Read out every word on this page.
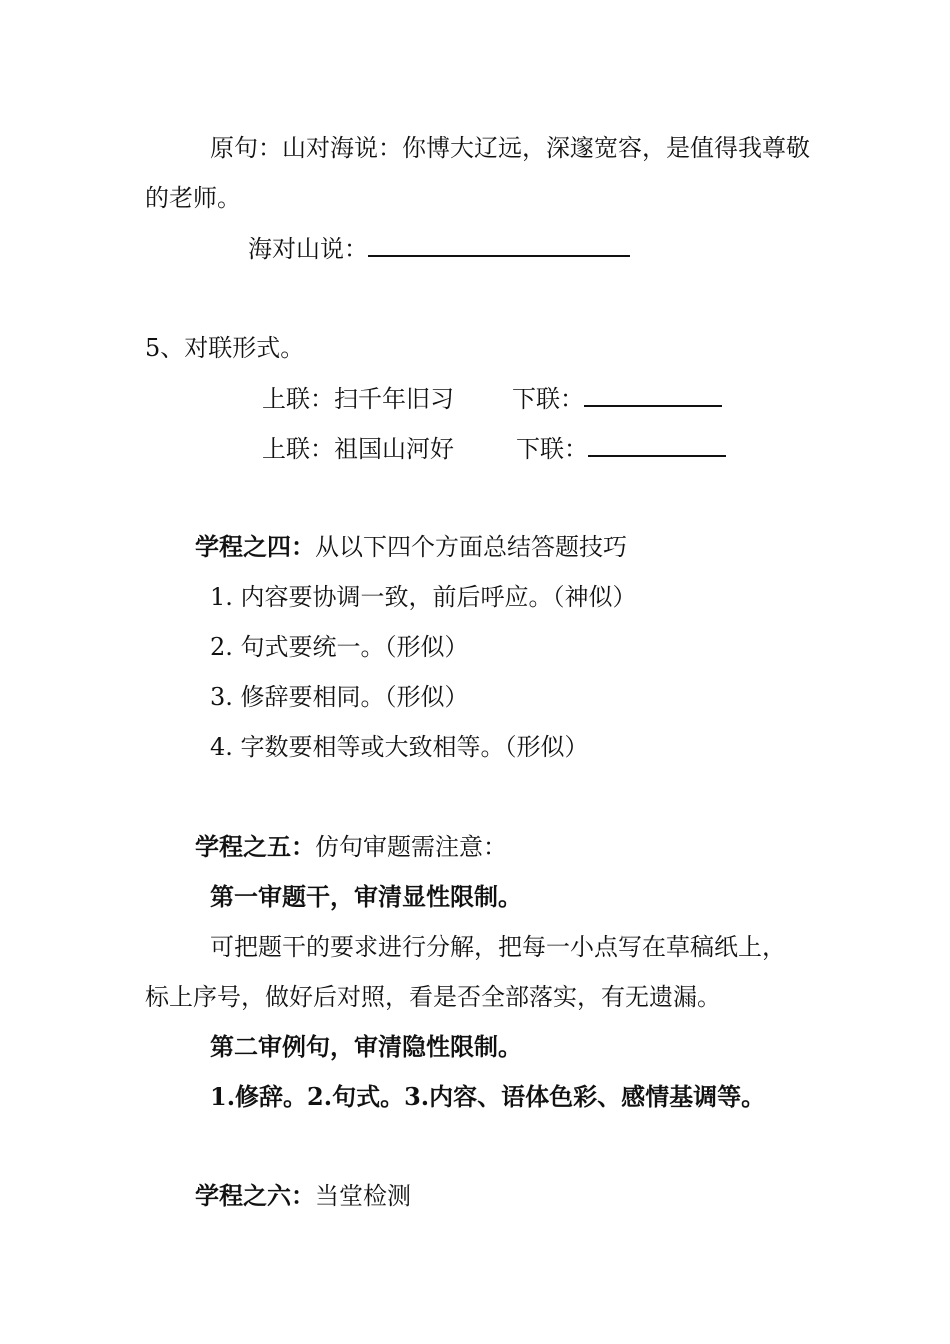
原句：山对海说：你博大辽远，深邃宽容，是值得我尊敬
的老师。
海对山说：
5、对联形式。
上联：扫千年旧习 下联：
上联：祖国山河好	下联：
学程之四：从以下四个方面总结答题技巧
1. 内容要协调一致，前后呼应。（神似）
2. 句式要统一。（形似）
3. 修辞要相同。（形似）
4. 字数要相等或大致相等。（形似）
学程之五：仿句审题需注意：
第一审题干，审清显性限制。
可把题干的要求进行分解，把每一小点写在草稿纸上，
标上序号，做好后对照，看是否全部落实，有无遗漏。
第二审例句，审清隐性限制。
1.修辞。2.句式。3.内容、语体色彩、感情基调等。
学程之六：当堂检测
